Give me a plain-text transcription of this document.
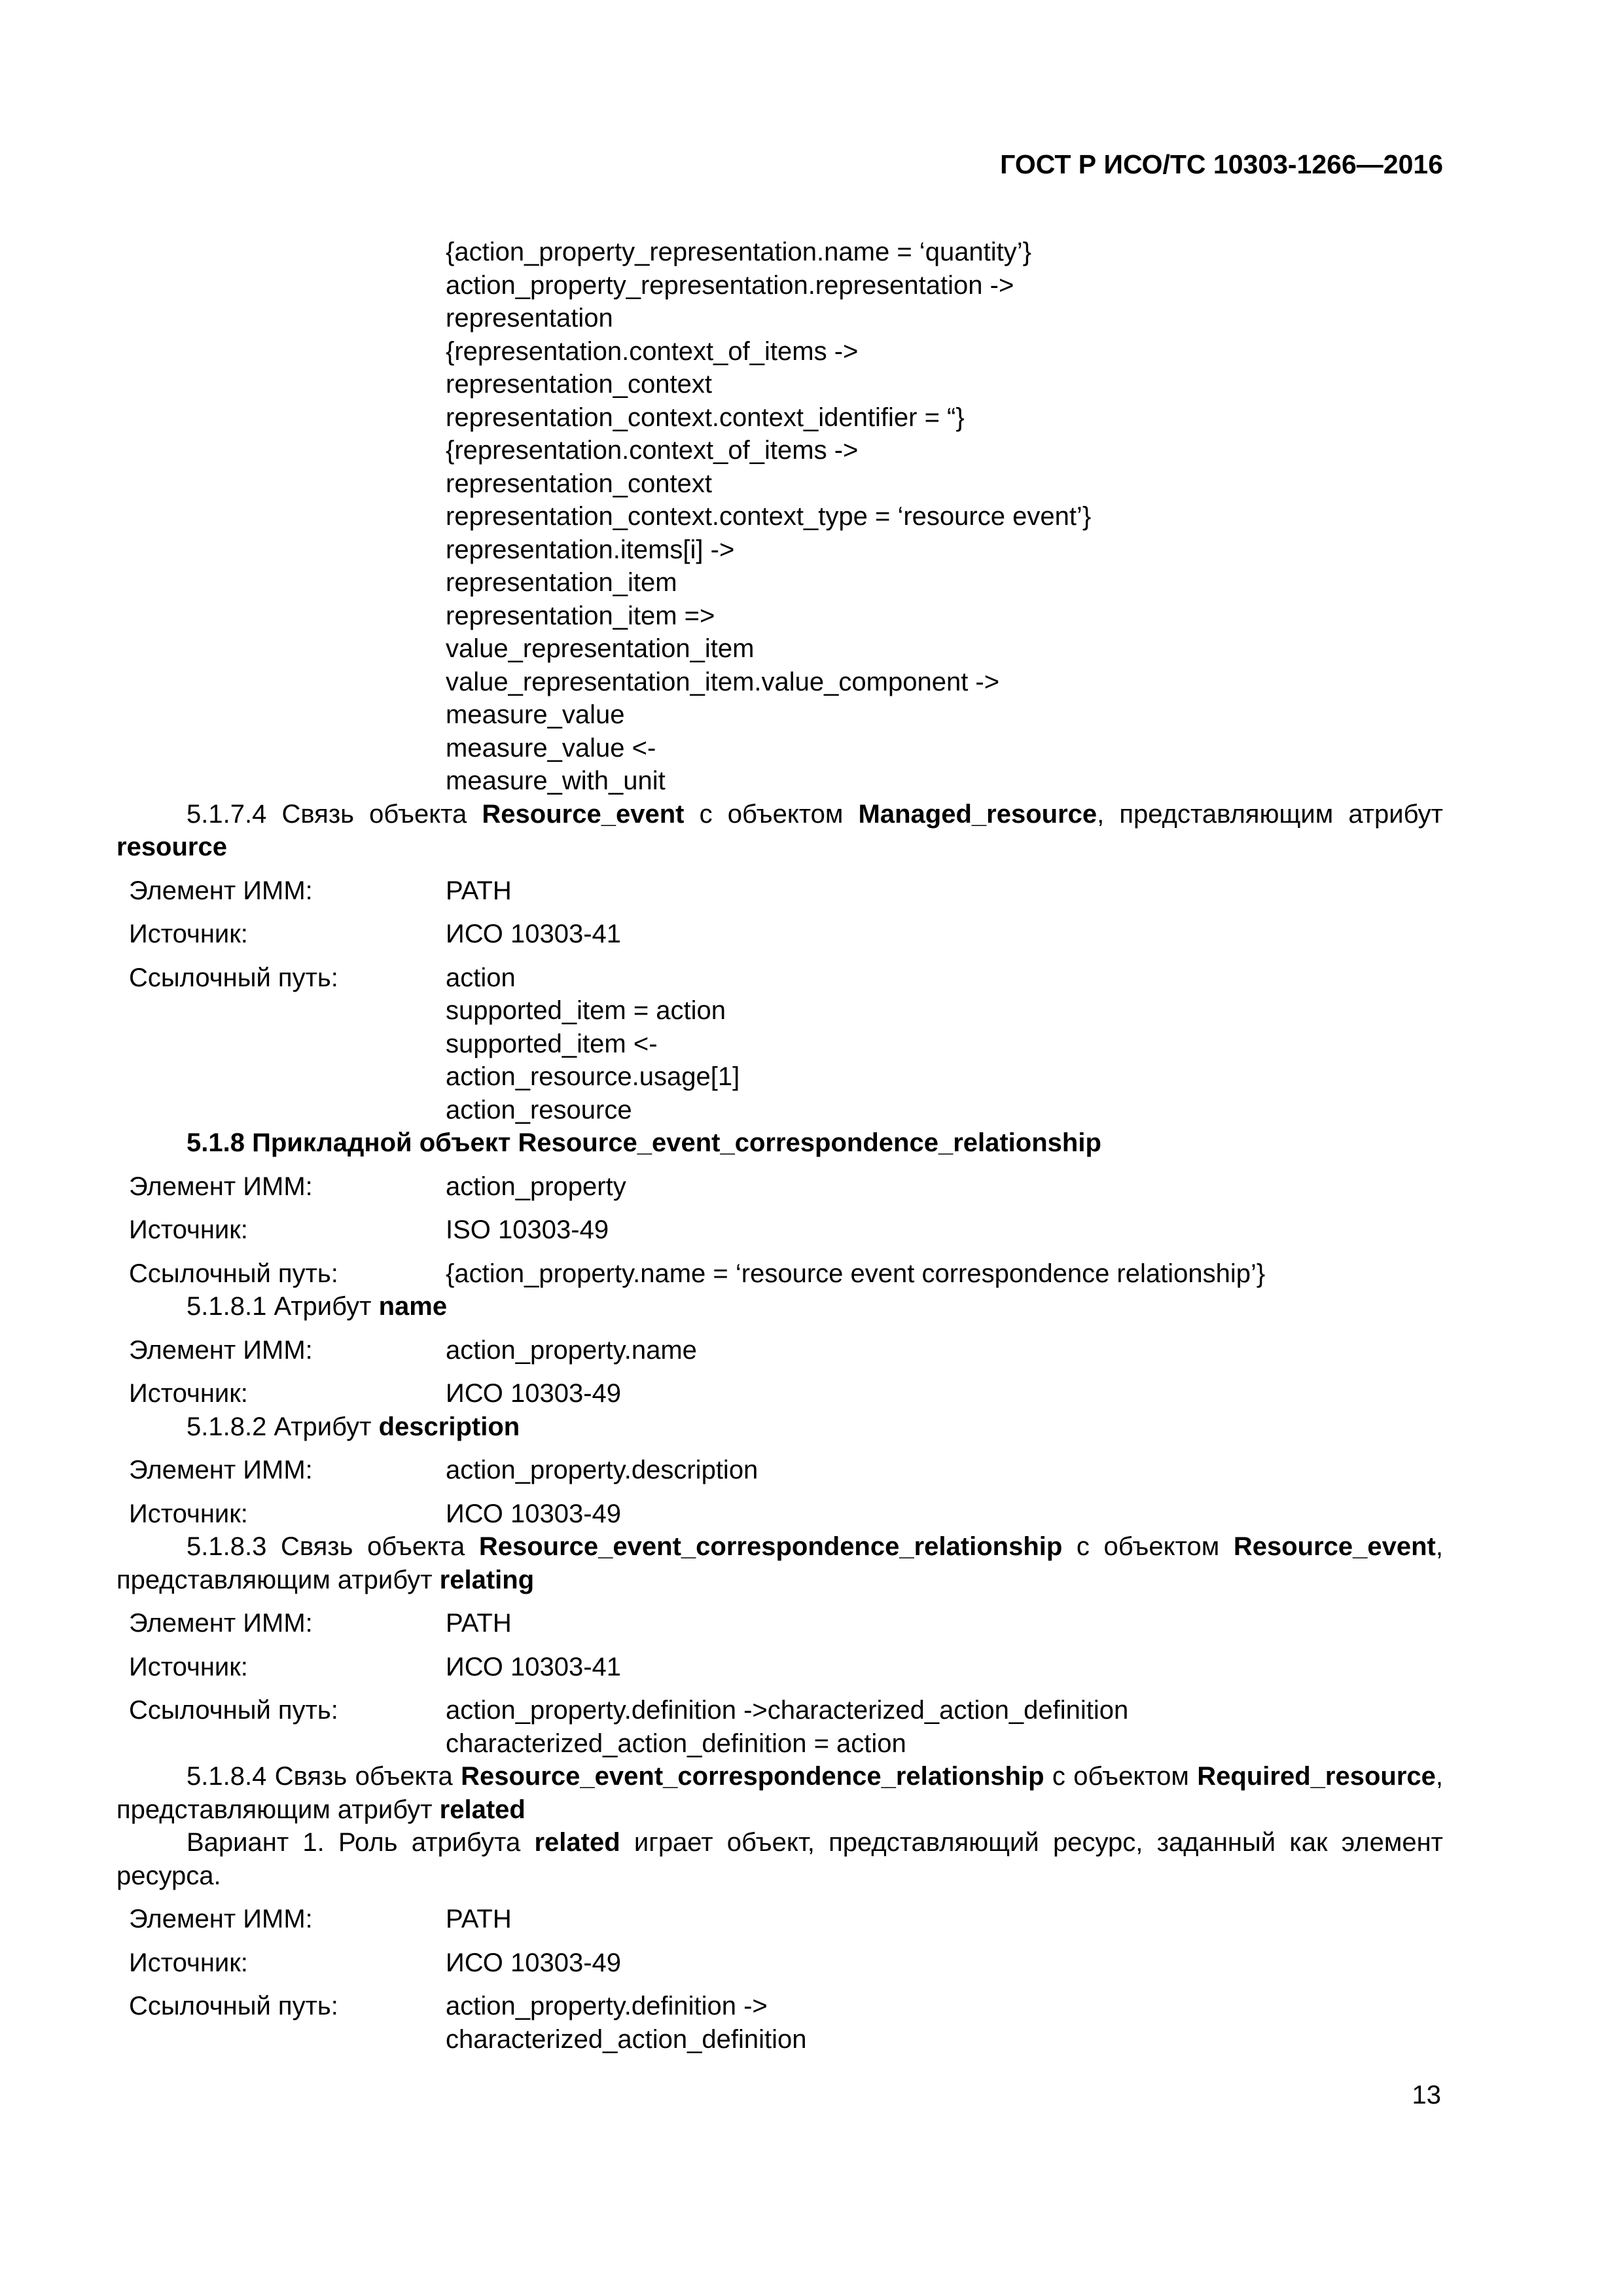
ГОСТ Р ИСО/ТС 10303-1266—2016
{action_property_representation.name = ‘quantity’}
action_property_representation.representation ->
representation
{representation.context_of_items ->
representation_context
representation_context.context_identifier = “}
{representation.context_of_items ->
representation_context
representation_context.context_type = ‘resource event’}
representation.items[i] ->
representation_item
representation_item =>
value_representation_item
value_representation_item.value_component ->
measure_value
measure_value <-
measure_with_unit
5.1.7.4 Связь объекта Resource_event с объектом Managed_resource, представляющим атрибут resource
Элемент ИММ:	PATH
Источник:	ИСО 10303-41
Ссылочный путь:	action
supported_item = action
supported_item <-
action_resource.usage[1]
action_resource
5.1.8 Прикладной объект Resource_event_correspondence_relationship
Элемент ИММ:	action_property
Источник:	ISO 10303-49
Ссылочный путь:	{action_property.name = ‘resource event correspondence relationship’}
5.1.8.1 Атрибут name
Элемент ИММ:	action_property.name
Источник:	ИСО 10303-49
5.1.8.2 Атрибут description
Элемент ИММ:	action_property.description
Источник:	ИСО 10303-49
5.1.8.3 Связь объекта Resource_event_correspondence_relationship с объектом Resource_event, представляющим атрибут relating
Элемент ИММ:	PATH
Источник:	ИСО 10303-41
Ссылочный путь:	action_property.definition ->characterized_action_definition
characterized_action_definition = action
5.1.8.4 Связь объекта Resource_event_correspondence_relationship с объектом Required_resource, представляющим атрибут related
Вариант 1. Роль атрибута related играет объект, представляющий ресурс, заданный как элемент ресурса.
Элемент ИММ:	PATH
Источник:	ИСО 10303-49
Ссылочный путь:	action_property.definition ->
characterized_action_definition
13
